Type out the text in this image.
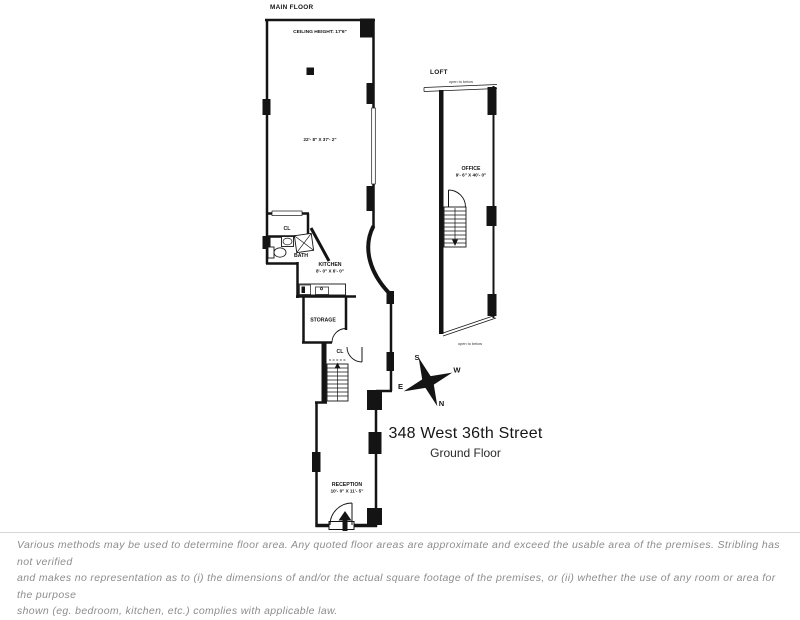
MAIN FLOOR
CEILING HEIGHT: 17'6"
22'- 8" X 37'- 2"
CL
BATH
KITCHEN
8'- 0" X 6'- 0"
STORAGE
CL
RECEPTION
10'- 0" X 11'- 5"
LOFT
open to below
open to below
OFFICE
9'- 6" X 40'- 0"
S
W
E
N
348 West 36th Street
Ground Floor
Various methods may be used to determine floor area. Any quoted floor areas are approximate and exceed the usable area of the premises. Stribling has not verified
and makes no representation as to (i) the dimensions of and/or the actual square footage of the premises, or (ii) whether the use of any room or area for the purpose
shown (eg. bedroom, kitchen, etc.) complies with applicable law.
